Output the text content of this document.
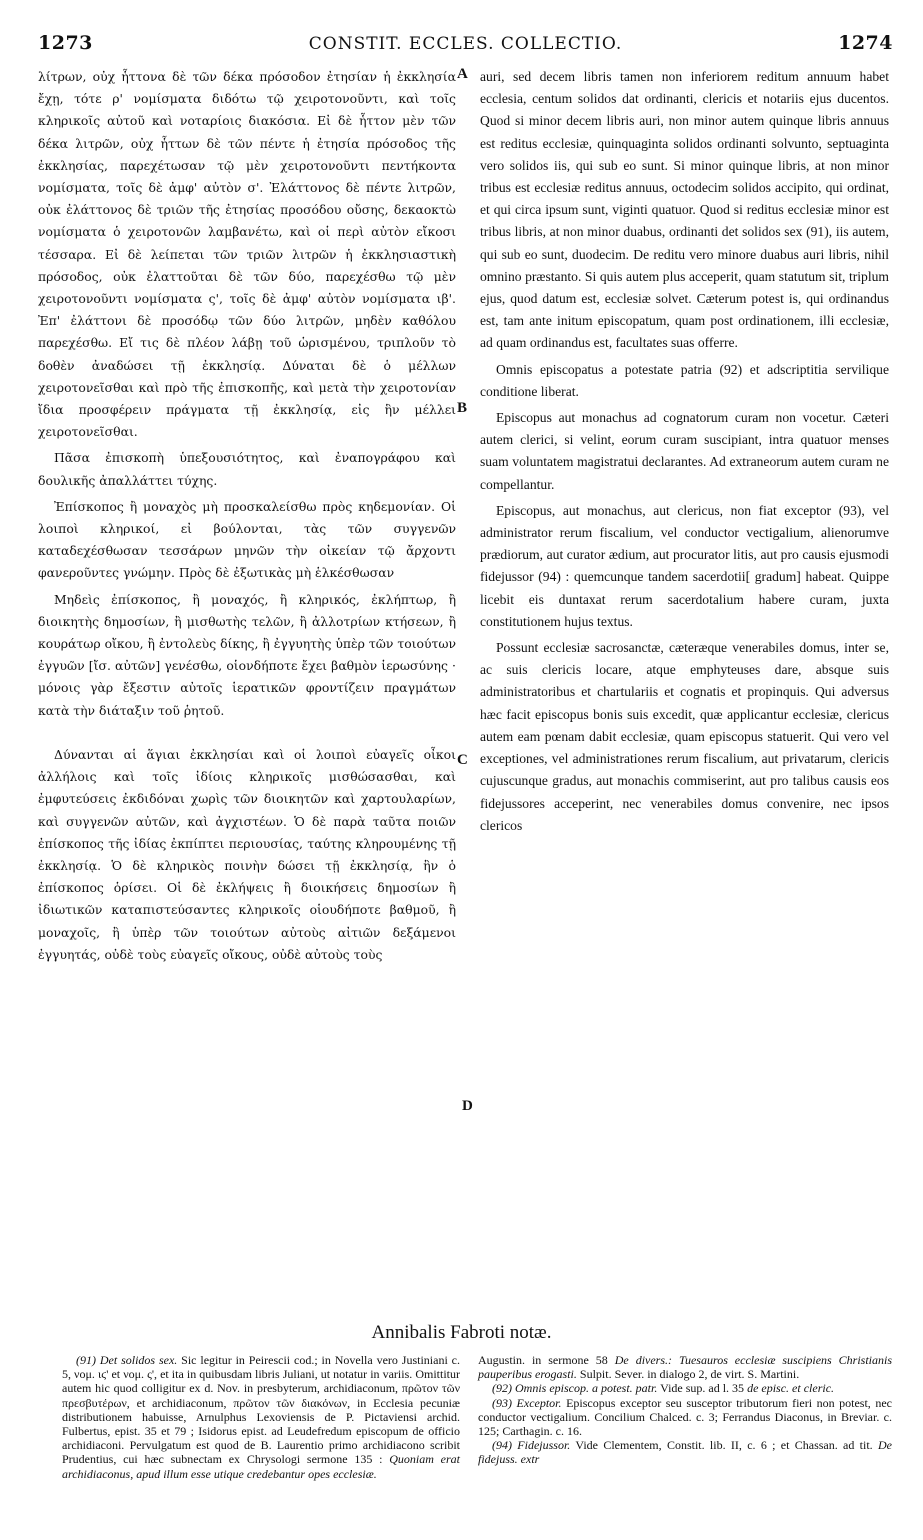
1273	CONSTIT. ECCLES. COLLECTIO.	1274

λίτρων, οὐχ ἧττονα δὲ τῶν δέκα πρόσοδον ἐτησίαν ἡ ἐκκλησία ἔχῃ, τότε ρ' νομίσματα διδότω τῷ χειροτονοῦντι, καὶ τοῖς κληρικοῖς αὐτοῦ καὶ νοταρίοις διακόσια. Εἰ δὲ ἧττον μὲν τῶν δέκα λιτρῶν, οὐχ ἧττων δὲ τῶν πέντε ἡ ἐτησία πρόσοδος τῆς ἐκκλησίας, παρεχέτωσαν τῷ μὲν χειροτονοῦντι πεντήκοντα νομίσματα, τοῖς δὲ ἀμφ' αὐτὸν σ'. Ἐλάττονος δὲ πέντε λιτρῶν, οὐκ ἐλάττονος δὲ τριῶν τῆς ἐτησίας προσόδου οὔσης, δεκαοκτὼ νομίσματα ὁ χειροτονῶν λαμβανέτω, καὶ οἱ περὶ αὐτὸν εἴκοσι τέσσαρα. Εἰ δὲ λείπεται τῶν τριῶν λιτρῶν ἡ ἐκκλησιαστικὴ πρόσοδος, οὐκ ἐλαττοῦται δὲ τῶν δύο, παρεχέσθω τῷ μὲν χειροτονοῦντι νομίσματα ς', τοῖς δὲ ἀμφ' αὐτὸν νομίσματα ιβ'. Ἐπ' ἐλάττονι δὲ προσόδῳ τῶν δύο λιτρῶν, μηδὲν καθόλου παρεχέσθω. Εἴ τις δὲ πλέον λάβῃ τοῦ ὡρισμένου, τριπλοῦν τὸ δοθὲν ἀναδώσει τῇ ἐκκλησίᾳ. Δύναται δὲ ὁ μέλλων χειροτονεῖσθαι καὶ πρὸ τῆς ἐπισκοπῆς, καὶ μετὰ τὴν χειροτονίαν ἴδια προσφέρειν πράγματα τῇ ἐκκλησίᾳ, εἰς ἣν μέλλει χειροτονεῖσθαι.

Πᾶσα ἐπισκοπὴ ὑπεξουσιότητος, καὶ ἐναπογράφου καὶ δουλικῆς ἀπαλλάττει τύχης.

Ἐπίσκοπος ἢ μοναχὸς μὴ προσκαλείσθω πρὸς κηδεμονίαν. Οἱ λοιποὶ κληρικοί, εἰ βούλονται, τὰς τῶν συγγενῶν καταδεχέσθωσαν τεσσάρων μηνῶν τὴν οἰκείαν τῷ ἄρχοντι φανεροῦντες γνώμην. Πρὸς δὲ ἐξωτικὰς μὴ ἑλκέσθωσαν

Μηδεὶς ἐπίσκοπος, ἢ μοναχός, ἢ κληρικός, ἐκλήπτωρ, ἢ διοικητὴς δημοσίων, ἢ μισθωτὴς τελῶν, ἢ ἀλλοτρίων κτήσεων, ἢ κουράτωρ οἴκου, ἢ ἐντολεὺς δίκης, ἢ ἐγγυητὴς ὑπὲρ τῶν τοιούτων ἐγγυῶν [ἴσ. αὐτῶν] γενέσθω, οἱονδήποτε ἔχει βαθμὸν ἱερωσύνης · μόνοις γὰρ ἔξεστιν αὐτοῖς ἱερατικῶν φροντίζειν πραγμάτων κατὰ τὴν διάταξιν τοῦ ῥητοῦ.

Δύνανται αἱ ἅγιαι ἐκκλησίαι καὶ οἱ λοιποὶ εὐαγεῖς οἶκοι ἀλλήλοις καὶ τοῖς ἰδίοις κληρικοῖς μισθώσασθαι, καὶ ἐμφυτεύσεις ἐκδιδόναι χωρὶς τῶν διοικητῶν καὶ χαρτουλαρίων, καὶ συγγενῶν αὐτῶν, καὶ ἀγχιστέων. Ὁ δὲ παρὰ ταῦτα ποιῶν ἐπίσκοπος τῆς ἰδίας ἐκπίπτει περιουσίας, ταύτης κληρουμένης τῇ ἐκκλησίᾳ. Ὁ δὲ κληρικὸς ποινὴν δώσει τῇ ἐκκλησίᾳ, ἣν ὁ ἐπίσκοπος ὁρίσει. Οἱ δὲ ἐκλήψεις ἢ διοικήσεις δημοσίων ἢ ἰδιωτικῶν καταπιστεύσαντες κληρικοῖς οἱουδήποτε βαθμοῦ, ἢ μοναχοῖς, ἢ ὑπὲρ τῶν τοιούτων αὐτοὺς αἰτιῶν δεξάμενοι ἐγγυητάς, οὐδὲ τοὺς εὐαγεῖς οἴκους, οὐδὲ αὐτοὺς τοὺς

A
B
C
D

auri, sed decem libris tamen non inferiorem reditum annuum habet ecclesia, centum solidos dat ordinanti, clericis et notariis ejus ducentos. Quod si minor decem libris auri, non minor autem quinque libris annuus est reditus ecclesiæ, quinquaginta solidos ordinanti solvunto, septuaginta vero solidos iis, qui sub eo sunt. Si minor quinque libris, at non minor tribus est ecclesiæ reditus annuus, octodecim solidos accipito, qui ordinat, et qui circa ipsum sunt, viginti quatuor. Quod si reditus ecclesiæ minor est tribus libris, at non minor duabus, ordinanti det solidos sex (91), iis autem, qui sub eo sunt, duodecim. De reditu vero minore duabus auri libris, nihil omnino præstanto. Si quis autem plus acceperit, quam statutum sit, triplum ejus, quod datum est, ecclesiæ solvet. Cæterum potest is, qui ordinandus est, tam ante initum episcopatum, quam post ordinationem, illi ecclesiæ, ad quam ordinandus est, facultates suas offerre.

Omnis episcopatus a potestate patria (92) et adscriptitia servilique conditione liberat.

Episcopus aut monachus ad cognatorum curam non vocetur. Cæteri autem clerici, si velint, eorum curam suscipiant, intra quatuor menses suam voluntatem magistratui declarantes. Ad extraneorum autem curam ne compellantur.

Episcopus, aut monachus, aut clericus, non fiat exceptor (93), vel administrator rerum fiscalium, vel conductor vectigalium, alienorumve prædiorum, aut curator ædium, aut procurator litis, aut pro causis ejusmodi fidejussor (94) : quemcunque tandem sacerdotii[ gradum] habeat. Quippe licebit eis duntaxat rerum sacerdotalium habere curam, juxta constitutionem hujus textus.

Possunt ecclesiæ sacrosanctæ, cæteræque venerabiles domus, inter se, ac suis clericis locare, atque emphyteuses dare, absque suis administratoribus et chartulariis et cognatis et propinquis. Qui adversus hæc facit episcopus bonis suis excedit, quæ applicantur ecclesiæ, clericus autem eam pœnam dabit ecclesiæ, quam episcopus statuerit. Qui vero vel exceptiones, vel administrationes rerum fiscalium, aut privatarum, clericis cujuscunque gradus, aut monachis commiserint, aut pro talibus causis eos fidejussores acceperint, nec venerabiles domus convenire, nec ipsos clericos

Annibalis Fabroti notæ.

(91) Det solidos sex. Sic legitur in Peirescii cod.; in Novella vero Justiniani c. 5, νομ. ιϛ' et νομ. ς', et ita in quibusdam libris Juliani, ut notatur in variis. Omittitur autem hic quod colligitur ex d. Nov. in presbyterum, archidiaconum, πρῶτον τῶν πρεσβυτέρων, et archidiaconum, πρῶτον τῶν διακόνων, in Ecclesia pecuniæ distributionem habuisse, Arnulphus Lexoviensis de P. Pictaviensi archid. Fulbertus, epist. 35 et 79 ; Isidorus epist. ad Leudefredum episcopum de officio archidiaconi. Pervulgatum est quod de B. Laurentio primo archidiacono scribit Prudentius, cui hæc subnectam ex Chrysologi sermone 135 : Quoniam erat archidiaconus, apud illum esse utique credebantur opes ecclesiæ.

Augustin. in sermone 58 De divers.: Tuesauros ecclesiæ suscipiens Christianis pauperibus erogasti. Sulpit. Sever. in dialogo 2, de virt. S. Martini.

(92) Omnis episcop. a potest. patr. Vide sup. ad l. 35 de episc. et cleric.

(93) Exceptor. Episcopus exceptor seu susceptor tributorum fieri non potest, nec conductor vectigalium. Concilium Chalced. c. 3; Ferrandus Diaconus, in Breviar. c. 125; Carthagin. c. 16.

(94) Fidejussor. Vide Clementem, Constit. lib. II, c. 6 ; et Chassan. ad tit. De fidejuss. extr
